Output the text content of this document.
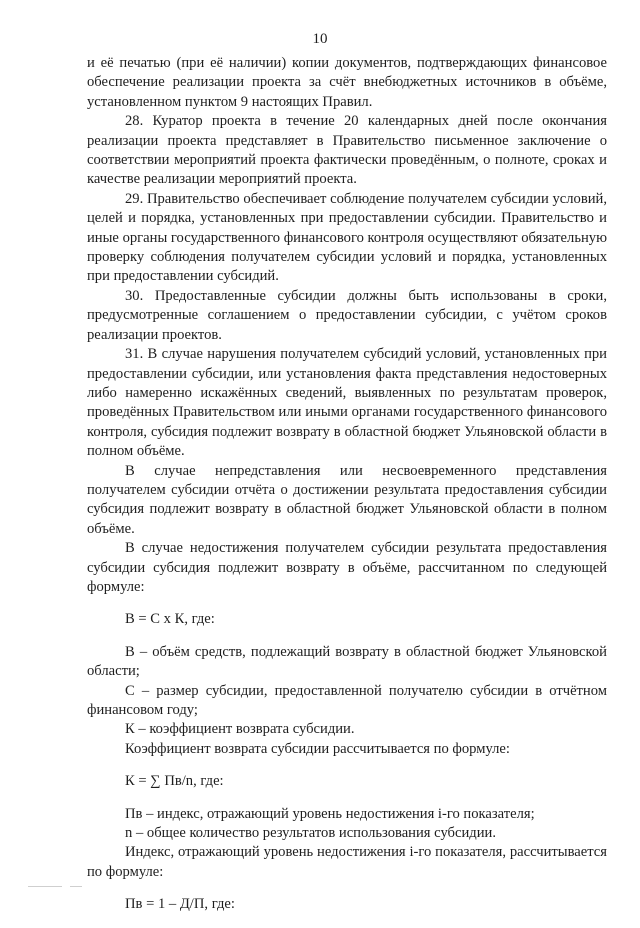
10

и её печатью (при её наличии) копии документов, подтверждающих финансовое обеспечение реализации проекта за счёт внебюджетных источников в объёме, установленном пунктом 9 настоящих Правил.

28. Куратор проекта в течение 20 календарных дней после окончания реализации проекта представляет в Правительство письменное заключение о соответствии мероприятий проекта фактически проведённым, о полноте, сроках и качестве реализации мероприятий проекта.

29. Правительство обеспечивает соблюдение получателем субсидии условий, целей и порядка, установленных при предоставлении субсидии. Правительство и иные органы государственного финансового контроля осуществляют обязательную проверку соблюдения получателем субсидии условий и порядка, установленных при предоставлении субсидий.

30. Предоставленные субсидии должны быть использованы в сроки, предусмотренные соглашением о предоставлении субсидии, с учётом сроков реализации проектов.

31. В случае нарушения получателем субсидий условий, установленных при предоставлении субсидии, или установления факта представления недостоверных либо намеренно искажённых сведений, выявленных по результатам проверок, проведённых Правительством или иными органами государственного финансового контроля, субсидия подлежит возврату в областной бюджет Ульяновской области в полном объёме.

В случае непредставления или несвоевременного представления получателем субсидии отчёта о достижении результата предоставления субсидии субсидия подлежит возврату в областной бюджет Ульяновской области в полном объёме.

В случае недостижения получателем субсидии результата предоставления субсидии субсидия подлежит возврату в объёме, рассчитанном по следующей формуле:

В = С х К, где:

В – объём средств, подлежащий возврату в областной бюджет Ульяновской области;

С – размер субсидии, предоставленной получателю субсидии в отчётном финансовом году;

К – коэффициент возврата субсидии.

Коэффициент возврата субсидии рассчитывается по формуле:

К = ∑ Пв/n, где:

Пв – индекс, отражающий уровень недостижения i-го показателя;

n – общее количество результатов использования субсидии.

Индекс, отражающий уровень недостижения i-го показателя, рассчитывается по формуле:

Пв = 1 – Д/П, где:
